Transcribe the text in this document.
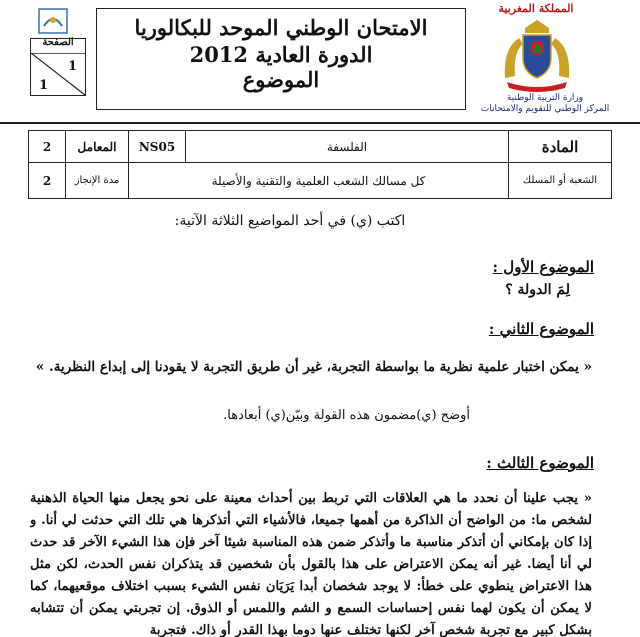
الصفحة
1
1
الامتحان الوطني الموحد للبكالوريا
الدورة العادية 2012
الموضوع
المملكة المغربية
وزارة التربية الوطنية
المركز الوطني للتقويم والامتحانات
2	المعامل	NS05	الفلسفة	المادة
2	مدة الإنجاز	كل مسالك الشعب العلمية والتقنية والأصيلة		الشعبة أو المسلك
اكتب (ي) في أحد المواضيع الثلاثة الآتية:
الموضوع الأول :
لِمَ الدولة ؟
الموضوع الثاني :
« يمكن اختبار علمية نظرية ما بواسطة التجربة، غير أن طريق التجربة لا يقودنا إلى إبداع النظرية. »
أوضح (ي)مضمون هذه القولة وبيّن(ي) أبعادها.
الموضوع الثالث :
« يجب علينا أن نحدد ما هي العلاقات التي تربط بين أحداث معينة على نحو يجعل منها الحياة الذهنية لشخص ما: من الواضح أن الذاكرة من أهمها جميعا، فالأشياء التي أتذكرها هي تلك التي حدثت لي أنا. و إذا كان بإمكاني أن أتذكر مناسبة ما وأتذكر ضمن هذه المناسبة شيئا آخر فإن هذا الشيء الآخر قد حدث لي أنا أيضا. غير أنه يمكن الاعتراض على هذا بالقول بأن شخصين قد يتذكران نفس الحدث، لكن مثل هذا الاعتراض ينطوي على خطأ: لا يوجد شخصان أبدا يَرَيَان نفس الشيء بسبب اختلاف موقعيهما، كما لا يمكن أن يكون لهما نفس إحساسات السمع و الشم واللمس أو الذوق. إن تجربتي يمكن أن تتشابه بشكل كبير مع تجربة شخص آخر لكنها تختلف عنها دوما بهذا القدر أو ذاك. فتجربة
